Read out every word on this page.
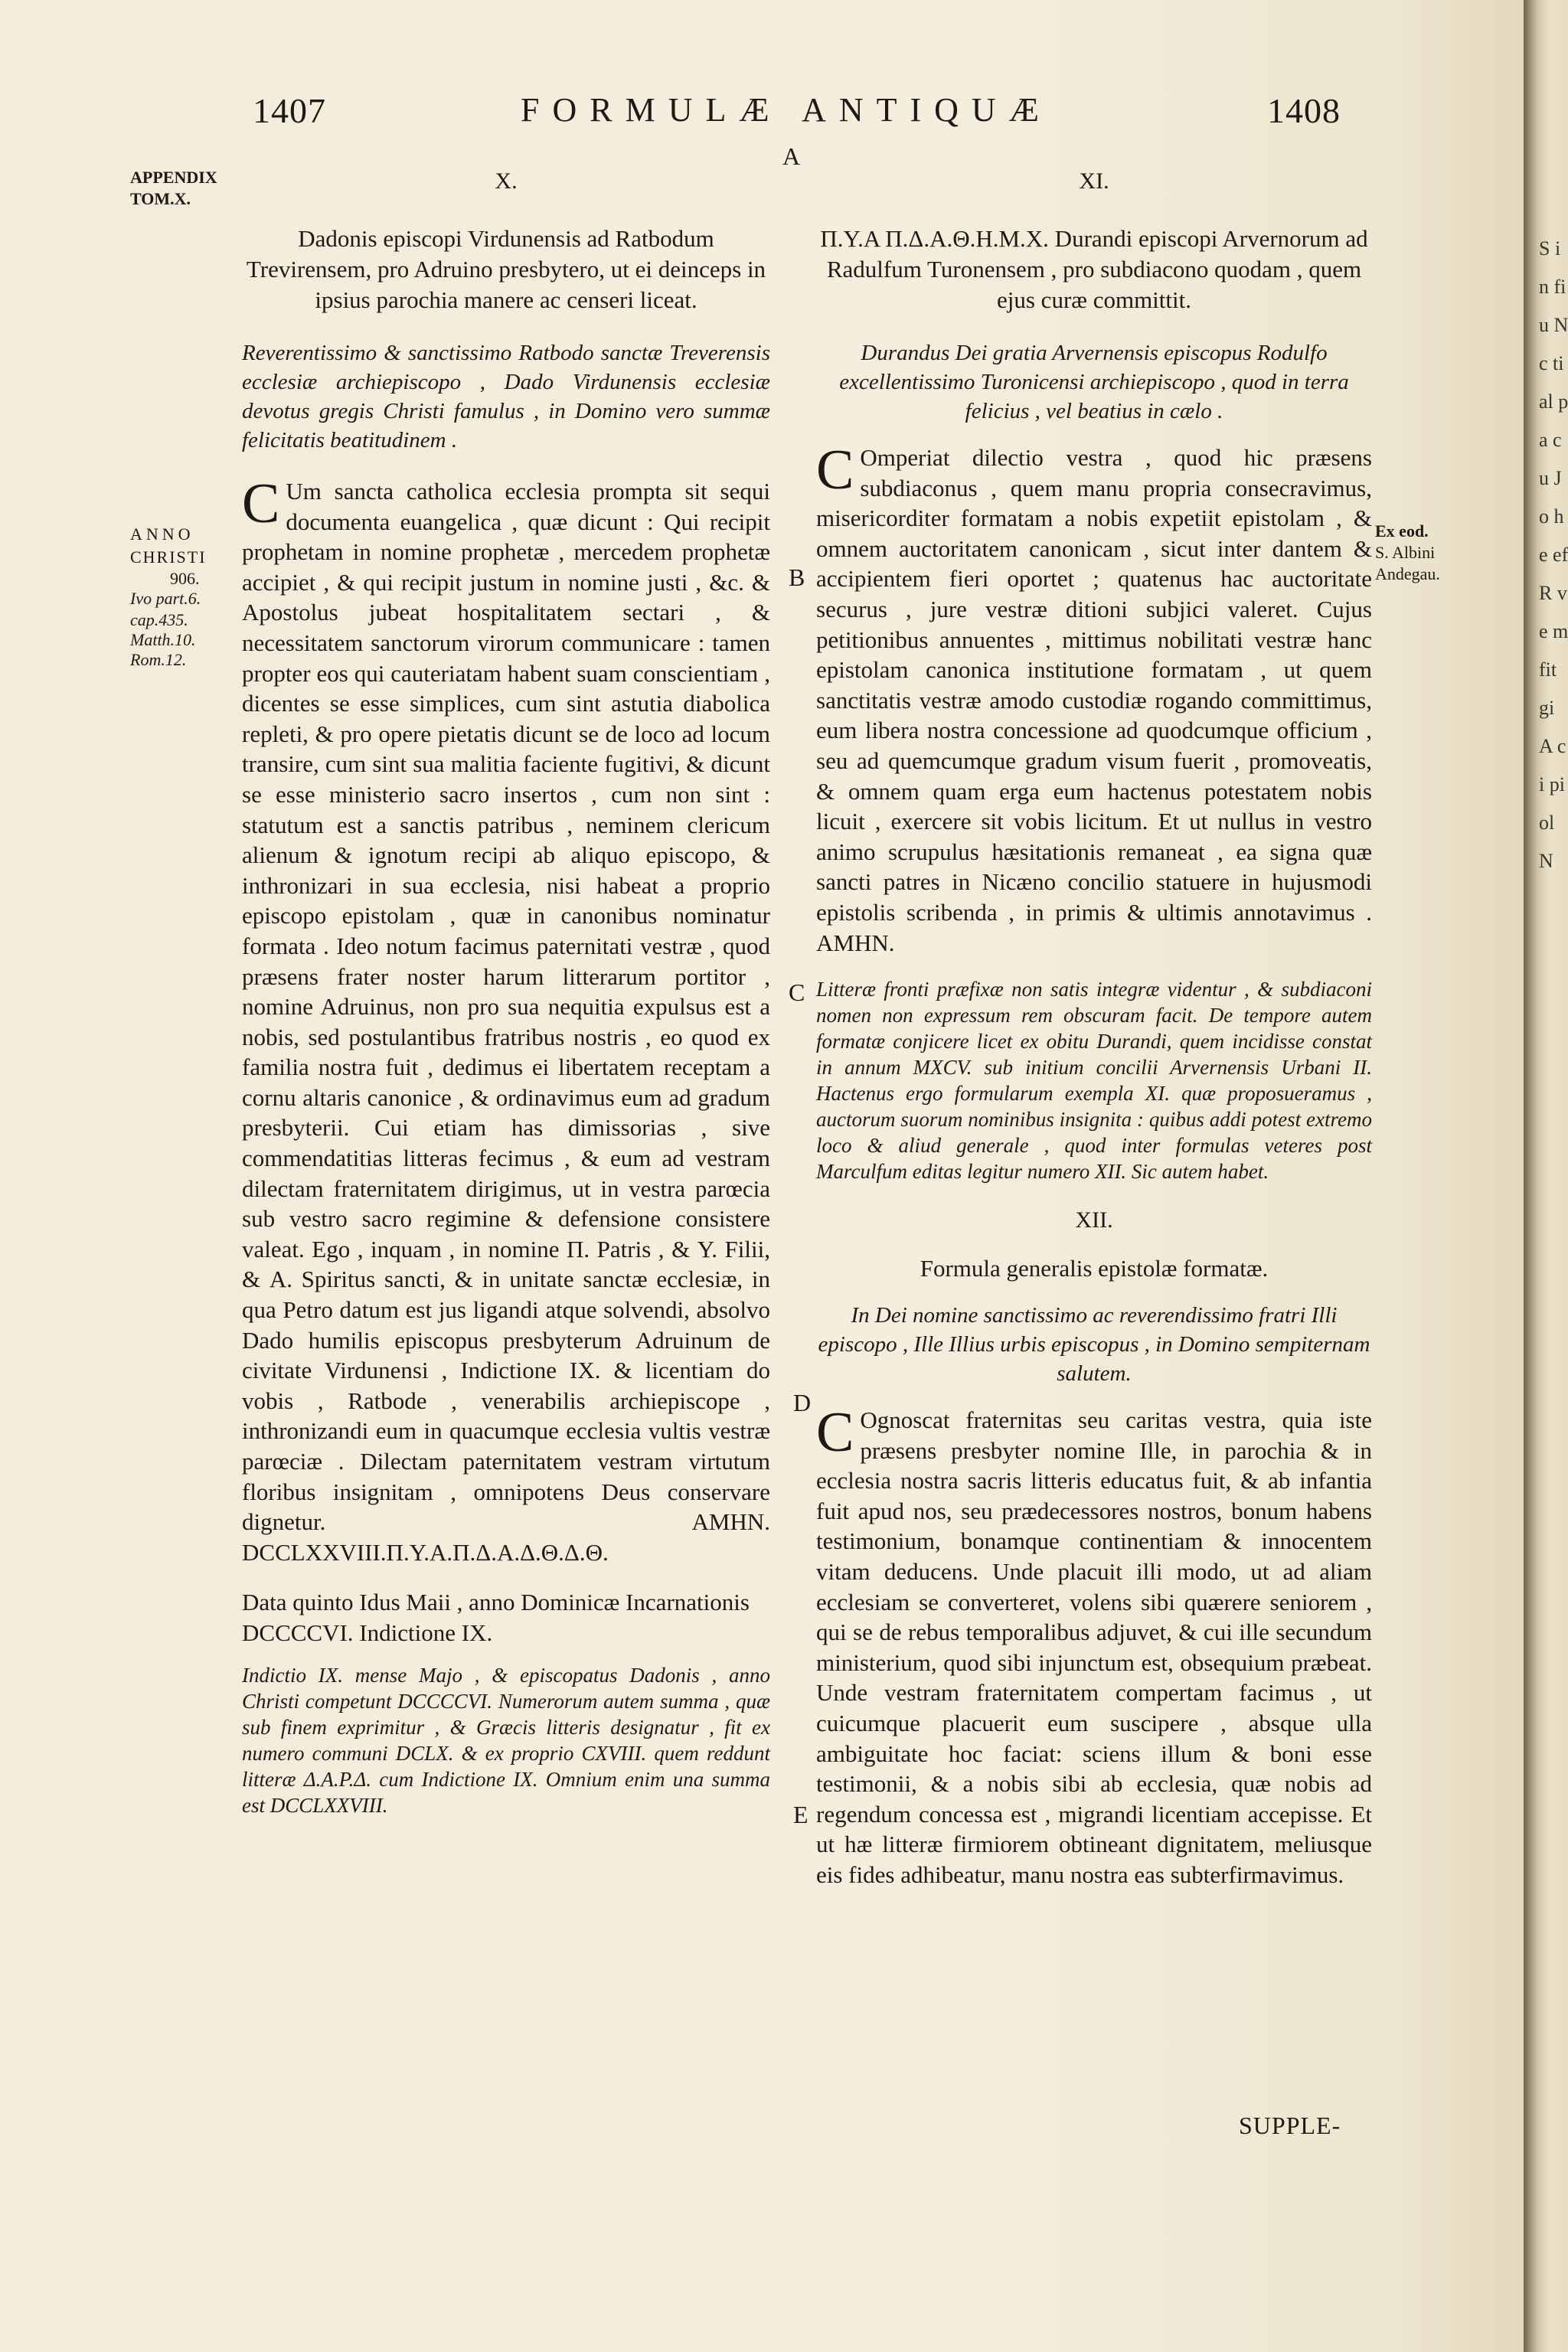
1407	FORMULÆ ANTIQUÆ	1408
APPENDIX
TOM.X.
ANNO
CHRISTI
906.
Ivo part.6.
cap.435.
Matth.10.
Rom.12.
Ex eod.
S. Albini
Andegau.
A
B
C
D
E

X.

Dadonis episcopi Virdunensis ad Ratbodum Trevirensem, pro Adruino presbytero, ut ei deinceps in ipsius parochia manere ac censeri liceat.

Reverentissimo & sanctissimo Ratbodo sanctæ Treverensis ecclesiæ archiepiscopo , Dado Virdunensis ecclesiæ devotus gregis Christi famulus , in Domino vero summæ felicitatis beatitudinem .

C Um sancta catholica ecclesia prompta sit sequi documenta euangelica , quæ dicunt : Qui recipit prophetam in nomine prophetæ , mercedem prophetæ accipiet , & qui recipit justum in nomine justi , &c. & Apostolus jubeat hospitalitatem sectari , & necessitatem sanctorum virorum communicare : tamen propter eos qui cauteriatam habent suam conscientiam , dicentes se esse simplices, cum sint astutia diabolica repleti, & pro opere pietatis dicunt se de loco ad locum transire, cum sint sua malitia faciente fugitivi, & dicunt se esse ministerio sacro insertos , cum non sint : statutum est a sanctis patribus , neminem clericum alienum & ignotum recipi ab aliquo episcopo, & inthronizari in sua ecclesia, nisi habeat a proprio episcopo epistolam , quæ in canonibus nominatur formata . Ideo notum facimus paternitati vestræ , quod præsens frater noster harum litterarum portitor , nomine Adruinus, non pro sua nequitia expulsus est a nobis, sed postulantibus fratribus nostris , eo quod ex familia nostra fuit , dedimus ei libertatem receptam a cornu altaris canonice , & ordinavimus eum ad gradum presbyterii. Cui etiam has dimissorias , sive commendatitias litteras fecimus , & eum ad vestram dilectam fraternitatem dirigimus, ut in vestra parœcia sub vestro sacro regimine & defensione consistere valeat. Ego , inquam , in nomine Π. Patris , & Υ. Filii, & Α. Spiritus sancti, & in unitate sanctæ ecclesiæ, in qua Petro datum est jus ligandi atque solvendi, absolvo Dado humilis episcopus presbyterum Adruinum de civitate Virdunensi , Indictione IX. & licentiam do vobis , Ratbode , venerabilis archiepiscope , inthronizandi eum in quacumque ecclesia vultis vestræ parœciæ . Dilectam paternitatem vestram virtutum floribus insignitam , omnipotens Deus conservare dignetur. AMHN. DCCLXXVIII.Π.Υ.Α.Π.Δ.Α.Δ.Θ.Δ.Θ.

Data quinto Idus Maii , anno Dominicæ Incarnationis DCCCCVI. Indictione IX.

Indictio IX. mense Majo , & episcopatus Dadonis , anno Christi competunt DCCCCVI. Numerorum autem summa , quæ sub finem exprimitur , & Græcis litteris designatur , fit ex numero communi DCLX. & ex proprio CXVIII. quem reddunt litteræ Δ.Α.Ρ.Δ. cum Indictione IX. Omnium enim una summa est DCCLXXVIII.

XI.

Π.Υ.Α Π.Δ.Α.Θ.Η.Μ.Χ. Durandi episcopi Arvernorum ad Radulfum Turonensem , pro subdiacono quodam , quem ejus curæ committit.

Durandus Dei gratia Arvernensis episcopus Rodulfo excellentissimo Turonicensi archiepiscopo , quod in terra felicius , vel beatius in cælo .

C Omperiat dilectio vestra , quod hic præsens subdiaconus , quem manu propria consecravimus, misericorditer formatam a nobis expetiit epistolam , & omnem auctoritatem canonicam , sicut inter dantem & accipientem fieri oportet ; quatenus hac auctoritate securus , jure vestræ ditioni subjici valeret. Cujus petitionibus annuentes , mittimus nobilitati vestræ hanc epistolam canonica institutione formatam , ut quem sanctitatis vestræ amodo custodiæ rogando committimus, eum libera nostra concessione ad quodcumque officium , seu ad quemcumque gradum visum fuerit , promoveatis, & omnem quam erga eum hactenus potestatem nobis licuit , exercere sit vobis licitum. Et ut nullus in vestro animo scrupulus hæsitationis remaneat , ea signa quæ sancti patres in Nicæno concilio statuere in hujusmodi epistolis scribenda , in primis & ultimis annotavimus . AMHN.

Litteræ fronti præfixæ non satis integræ videntur , & subdiaconi nomen non expressum rem obscuram facit. De tempore autem formatæ conjicere licet ex obitu Durandi, quem incidisse constat in annum MXCV. sub initium concilii Arvernensis Urbani II. Hactenus ergo formularum exempla XI. quæ proposueramus , auctorum suorum nominibus insignita : quibus addi potest extremo loco & aliud generale , quod inter formulas veteres post Marculfum editas legitur numero XII. Sic autem habet.

XII.

Formula generalis epistolæ formatæ.

In Dei nomine sanctissimo ac reverendissimo fratri Illi episcopo , Ille Illius urbis episcopus , in Domino sempiternam salutem.

C Ognoscat fraternitas seu caritas vestra, quia iste præsens presbyter nomine Ille, in parochia & in ecclesia nostra sacris litteris educatus fuit, & ab infantia fuit apud nos, seu prædecessores nostros, bonum habens testimonium, bonamque continentiam & innocentem vitam deducens. Unde placuit illi modo, ut ad aliam ecclesiam se converteret, volens sibi quærere seniorem , qui se de rebus temporalibus adjuvet, & cui ille secundum ministerium, quod sibi injunctum est, obsequium præbeat. Unde vestram fraternitatem compertam facimus , ut cuicumque placuerit eum suscipere , absque ulla ambiguitate hoc faciat: sciens illum & boni esse testimonii, & a nobis sibi ab ecclesia, quæ nobis ad regendum concessa est , migrandi licentiam accepisse. Et ut hæ litteræ firmiorem obtineant dignitatem, meliusque eis fides adhibeatur, manu nostra eas subterfirmavimus.

SUPPLE-
S in fi u N c ti al pa cu Jo he ef R ve m fit gi A ci pi ol N
